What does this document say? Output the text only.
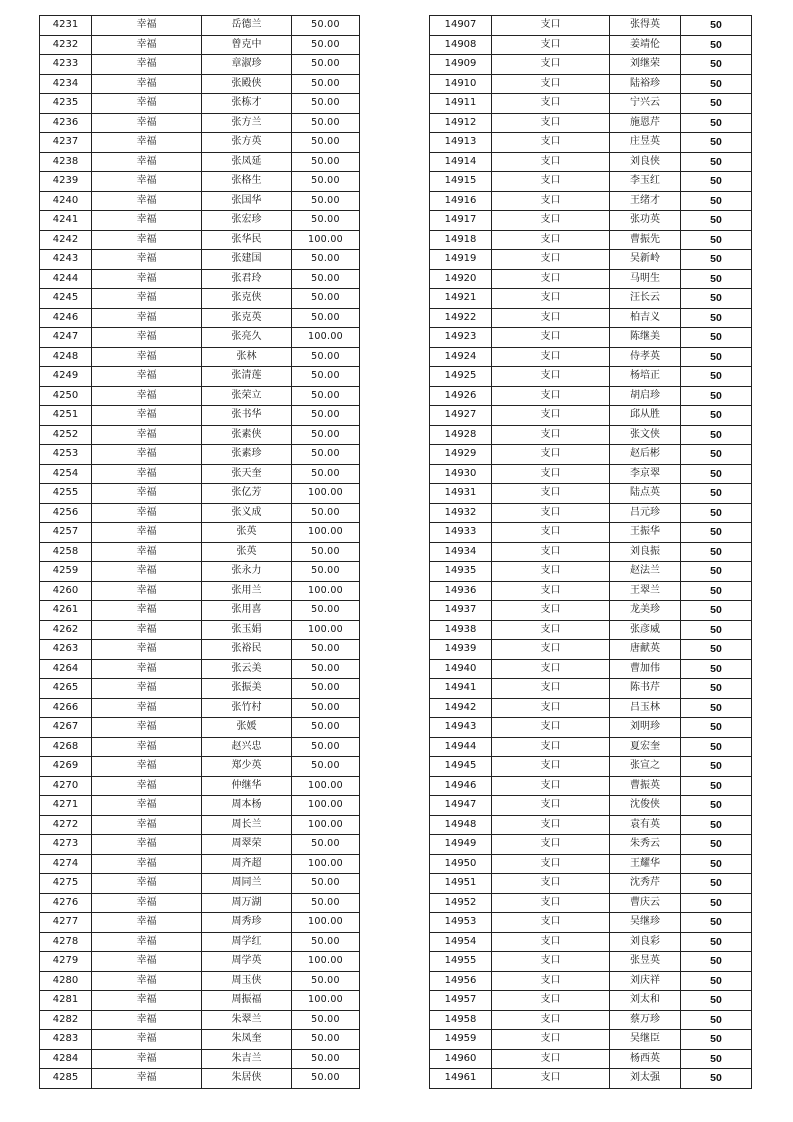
4231	幸福	岳德兰	50.00
4232	幸福	曾克中	50.00
4233	幸福	章淑珍	50.00
4234	幸福	张殿侠	50.00
4235	幸福	张栋才	50.00
4236	幸福	张方兰	50.00
4237	幸福	张方英	50.00
4238	幸福	张凤延	50.00
4239	幸福	张格生	50.00
4240	幸福	张国华	50.00
4241	幸福	张宏珍	50.00
4242	幸福	张华民	100.00
4243	幸福	张建国	50.00
4244	幸福	张君玲	50.00
4245	幸福	张克侠	50.00
4246	幸福	张克英	50.00
4247	幸福	张亮久	100.00
4248	幸福	张林	50.00
4249	幸福	张清莲	50.00
4250	幸福	张荣立	50.00
4251	幸福	张书华	50.00
4252	幸福	张素侠	50.00
4253	幸福	张素珍	50.00
4254	幸福	张天奎	50.00
4255	幸福	张亿芳	100.00
4256	幸福	张义成	50.00
4257	幸福	张英	100.00
4258	幸福	张英	50.00
4259	幸福	张永力	50.00
4260	幸福	张用兰	100.00
4261	幸福	张用喜	50.00
4262	幸福	张玉娟	100.00
4263	幸福	张裕民	50.00
4264	幸福	张云美	50.00
4265	幸福	张振美	50.00
4266	幸福	张竹村	50.00
4267	幸福	张媛	50.00
4268	幸福	赵兴忠	50.00
4269	幸福	郑少英	50.00
4270	幸福	仲继华	100.00
4271	幸福	周本杨	100.00
4272	幸福	周长兰	100.00
4273	幸福	周翠荣	50.00
4274	幸福	周齐超	100.00
4275	幸福	周同兰	50.00
4276	幸福	周万湖	50.00
4277	幸福	周秀珍	100.00
4278	幸福	周学红	50.00
4279	幸福	周学英	100.00
4280	幸福	周玉侠	50.00
4281	幸福	周振福	100.00
4282	幸福	朱翠兰	50.00
4283	幸福	朱凤奎	50.00
4284	幸福	朱吉兰	50.00
4285	幸福	朱居侠	50.00
14907	支口	张得英	50
14908	支口	姜靖伦	50
14909	支口	刘继荣	50
14910	支口	陆裕珍	50
14911	支口	宁兴云	50
14912	支口	施恩芹	50
14913	支口	庄昱英	50
14914	支口	刘良侠	50
14915	支口	李玉红	50
14916	支口	王绪才	50
14917	支口	张功英	50
14918	支口	曹振先	50
14919	支口	吴新岭	50
14920	支口	马明生	50
14921	支口	汪长云	50
14922	支口	柏吉义	50
14923	支口	陈继美	50
14924	支口	侍孝英	50
14925	支口	杨培正	50
14926	支口	胡启珍	50
14927	支口	邱从胜	50
14928	支口	张文侠	50
14929	支口	赵后彬	50
14930	支口	李京翠	50
14931	支口	陆点英	50
14932	支口	吕元珍	50
14933	支口	王振华	50
14934	支口	刘良振	50
14935	支口	赵法兰	50
14936	支口	王翠兰	50
14937	支口	龙美珍	50
14938	支口	张彦威	50
14939	支口	唐献英	50
14940	支口	曹加伟	50
14941	支口	陈书芹	50
14942	支口	吕玉林	50
14943	支口	刘明珍	50
14944	支口	夏宏奎	50
14945	支口	张宣之	50
14946	支口	曹振英	50
14947	支口	沈俊侠	50
14948	支口	袁有英	50
14949	支口	朱秀云	50
14950	支口	王耀华	50
14951	支口	沈秀芹	50
14952	支口	曹庆云	50
14953	支口	吴继珍	50
14954	支口	刘良彩	50
14955	支口	张昱英	50
14956	支口	刘庆祥	50
14957	支口	刘太和	50
14958	支口	蔡万珍	50
14959	支口	吴继臣	50
14960	支口	杨西英	50
14961	支口	刘太强	50
